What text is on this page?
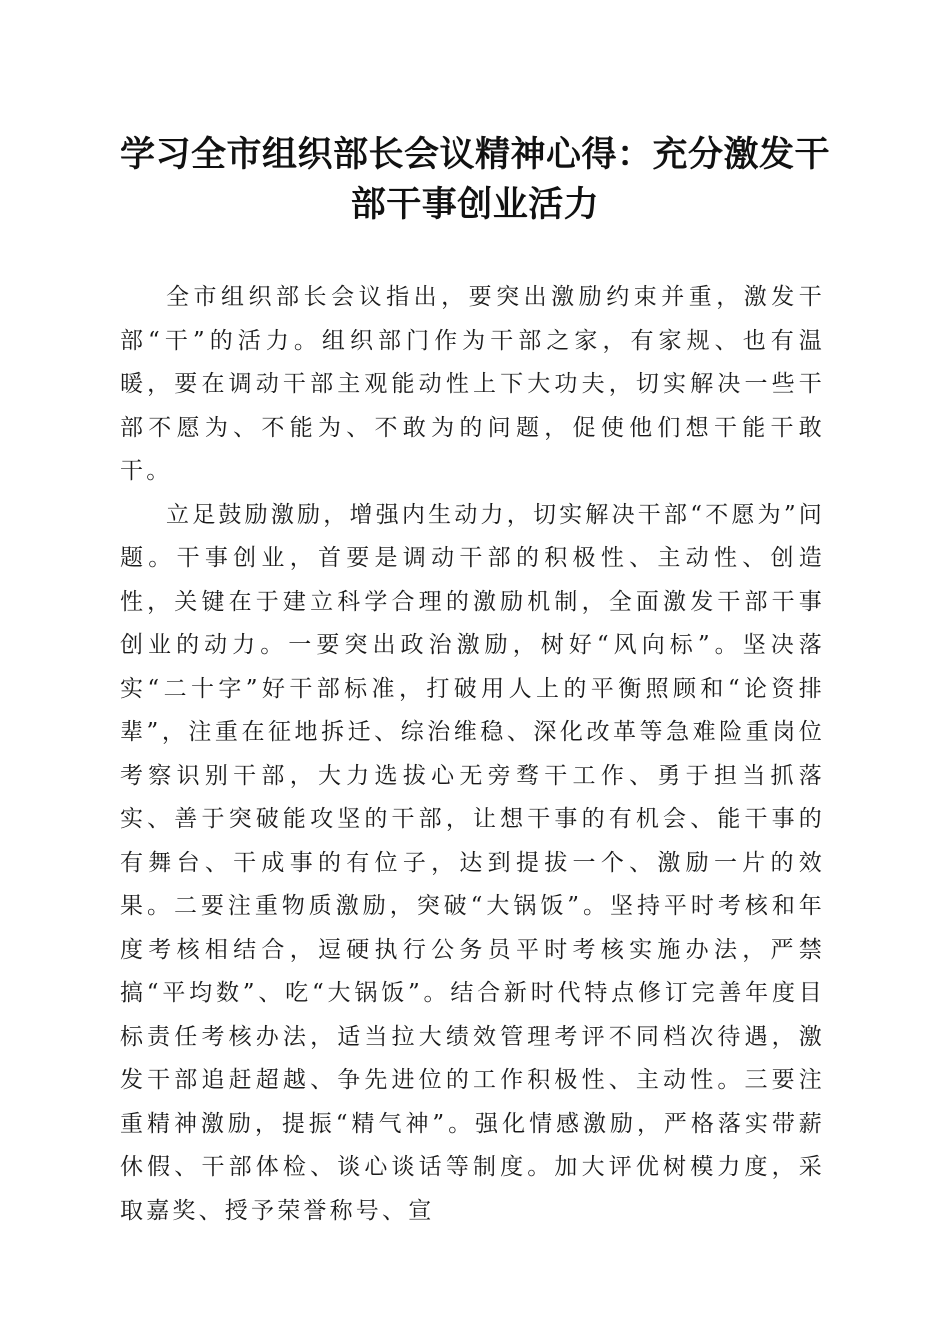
学习全市组织部长会议精神心得：充分激发干
部干事创业活力

全市组织部长会议指出，要突出激励约束并重，激发干部“干”的活力。组织部门作为干部之家，有家规、也有温暖，要在调动干部主观能动性上下大功夫，切实解决一些干部不愿为、不能为、不敢为的问题，促使他们想干能干敢干。

立足鼓励激励，增强内生动力，切实解决干部“不愿为”问题。干事创业，首要是调动干部的积极性、主动性、创造性，关键在于建立科学合理的激励机制，全面激发干部干事创业的动力。一要突出政治激励，树好“风向标”。坚决落实“二十字”好干部标准，打破用人上的平衡照顾和“论资排辈”，注重在征地拆迁、综治维稳、深化改革等急难险重岗位考察识别干部，大力选拔心无旁骛干工作、勇于担当抓落实、善于突破能攻坚的干部，让想干事的有机会、能干事的有舞台、干成事的有位子，达到提拔一个、激励一片的效果。二要注重物质激励，突破“大锅饭”。坚持平时考核和年度考核相结合，逗硬执行公务员平时考核实施办法，严禁搞“平均数”、吃“大锅饭”。结合新时代特点修订完善年度目标责任考核办法，适当拉大绩效管理考评不同档次待遇，激发干部追赶超越、争先进位的工作积极性、主动性。三要注重精神激励，提振“精气神”。强化情感激励，严格落实带薪休假、干部体检、谈心谈话等制度。加大评优树模力度，采取嘉奖、授予荣誉称号、宣
